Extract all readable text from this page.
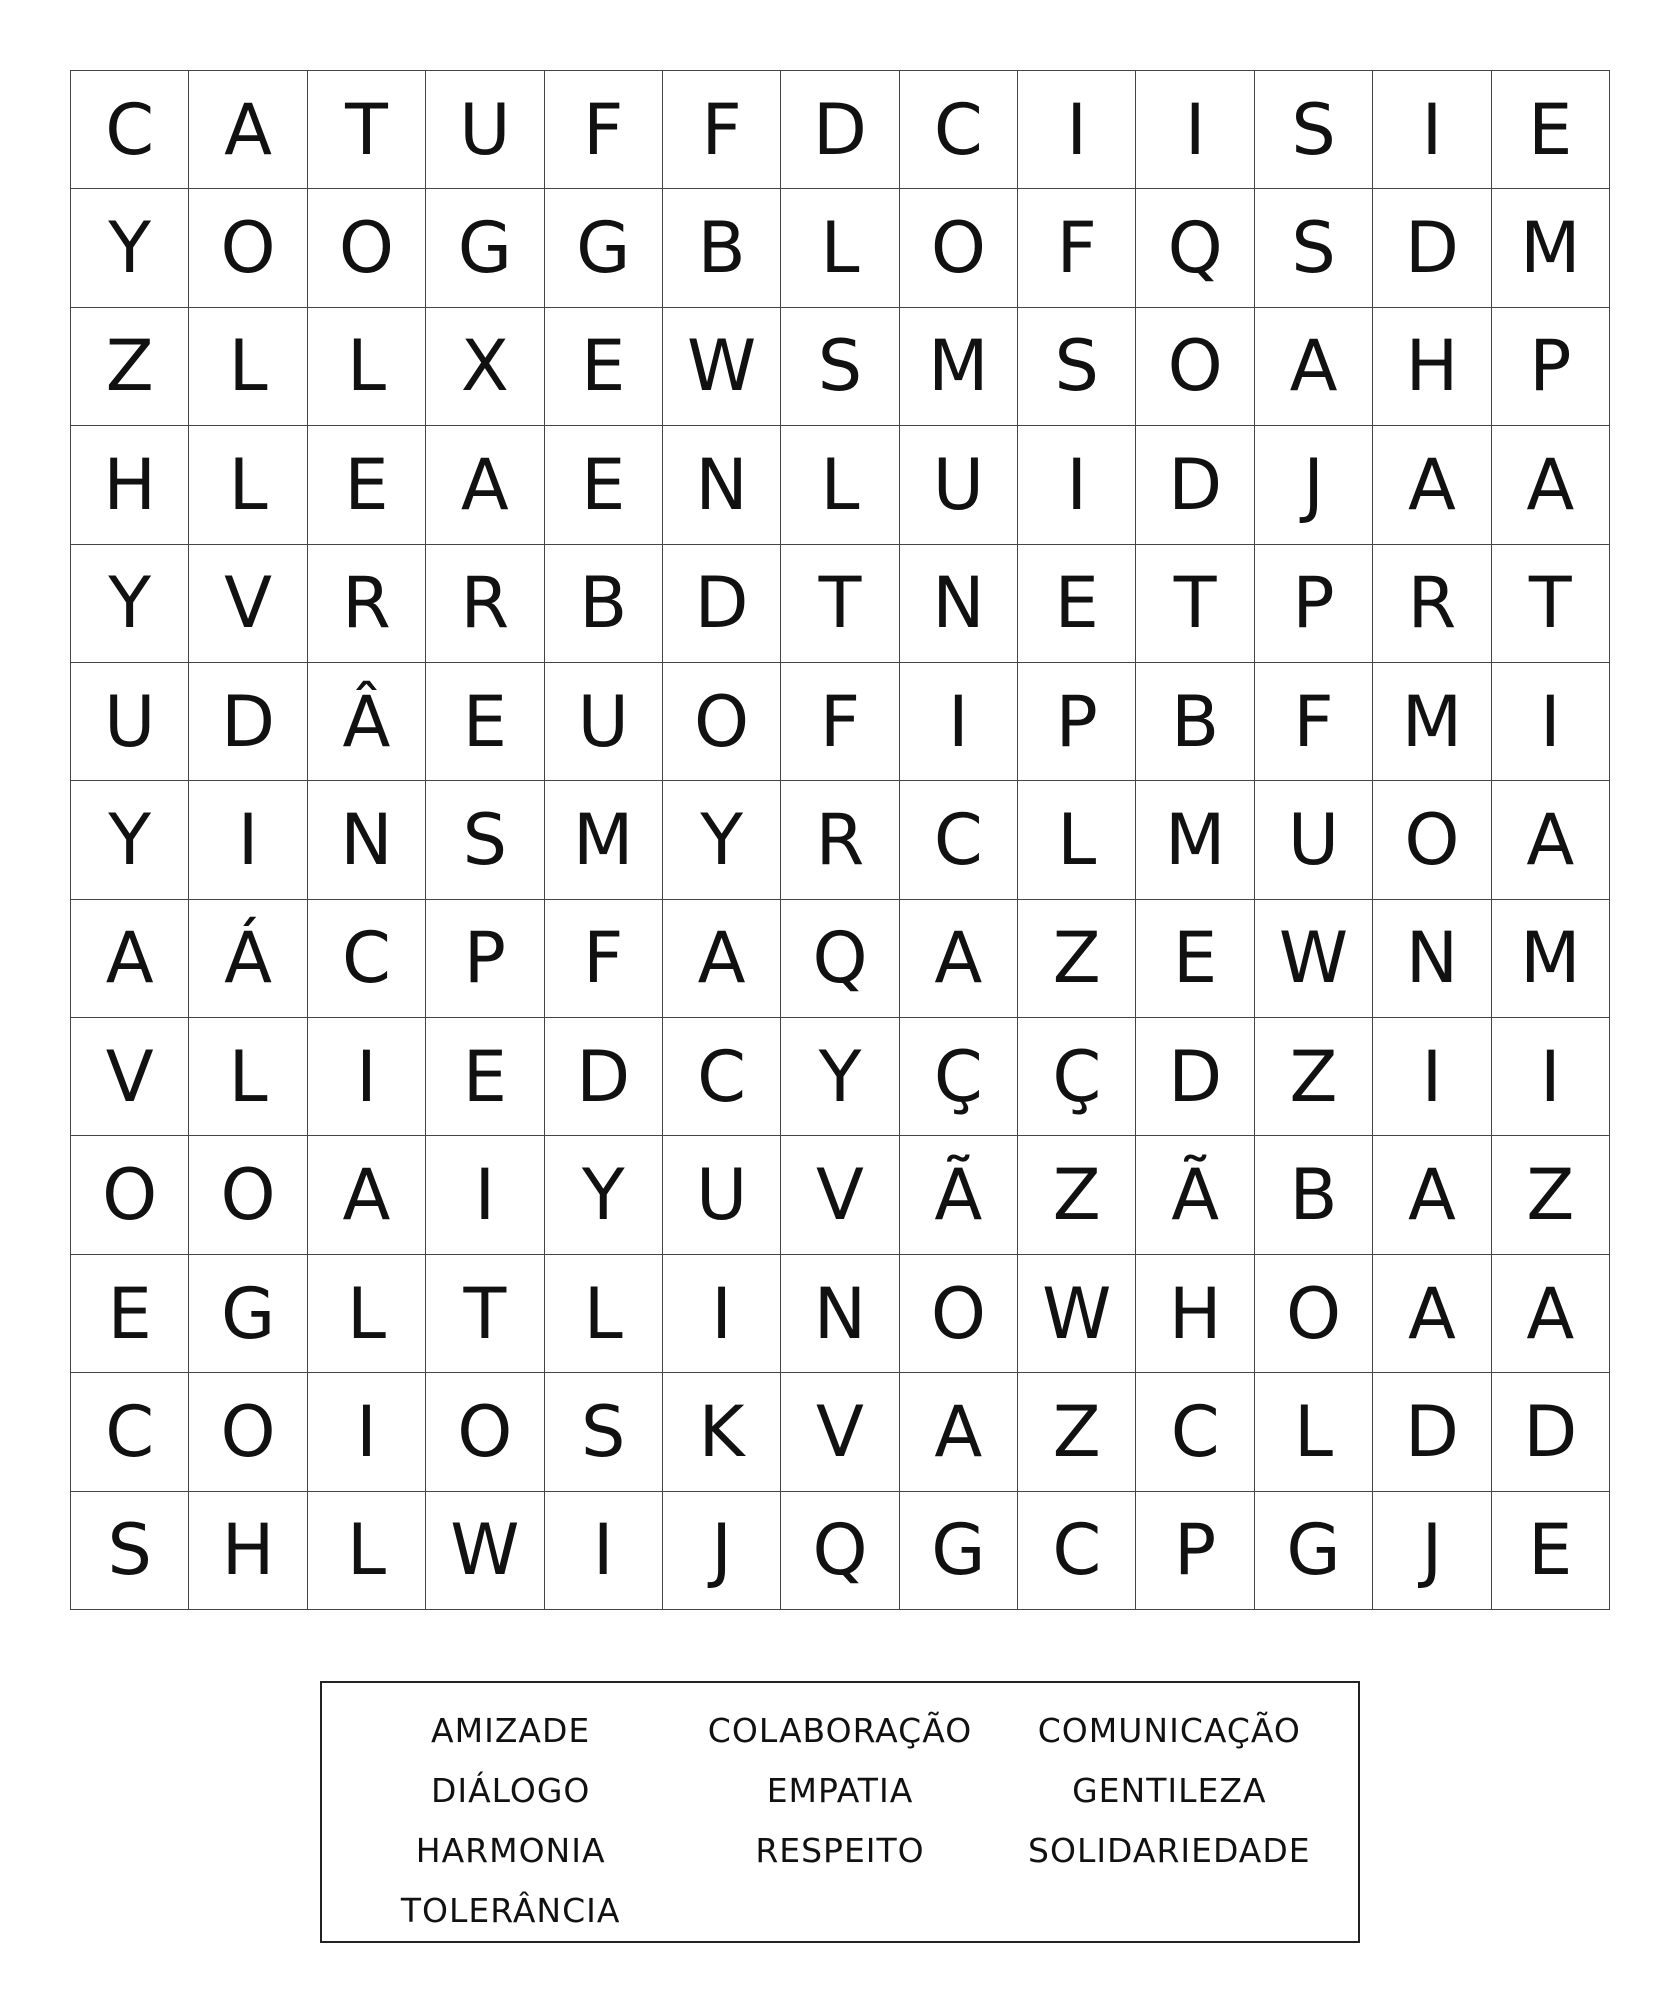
C	A	T	U	F	F	D C	I	I	S	I	E
Y O O G G B	L	O	F	Q S D M
Z	L	L	X	E W S M S O A H	P
H	L	E	A	E	N	L	U	I	D	J	A	A
Y	V	R R	B D	T	N	E	T	P	R	T
U D Â	E	U O	F	I	P	B	F M	I
Y	I	N S M Y	R C	L M U O A
A	Á C	P	F	A Q A	Z	E W N M
V	L	I	E D C	Y	Ç Ç D Z	I	I
O O A	I	Y	U V	Ã	Z	Ã	B	A	Z
E G	L	T	L	I	N O W H O A	A
C O	I	O S	K	V	A	Z C	L	D D
S H	L W	I	J	Q G C	P	G	J	E
AMIZADE	COLABORAÇÃO	COMUNICAÇÃO
DIÁLOGO	EMPATIA	GENTILEZA
HARMONIA	RESPEITO	SOLIDARIEDADE
TOLERÂNCIA
